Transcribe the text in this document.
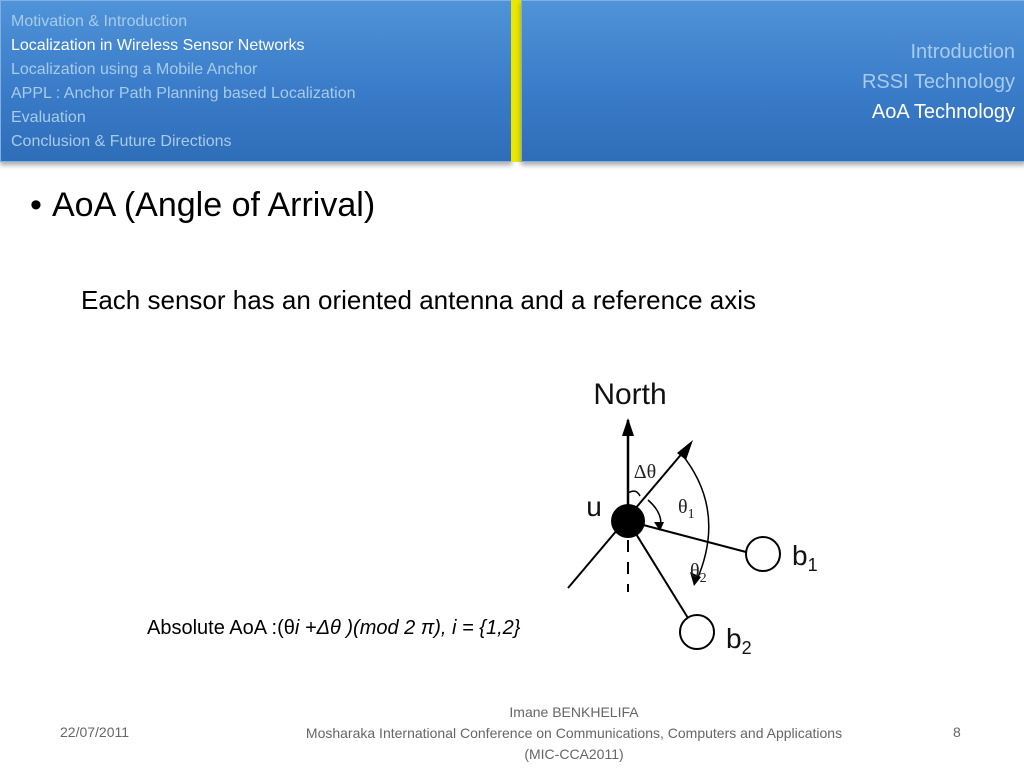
Motivation & Introduction
Localization in Wireless Sensor Networks
Localization using a Mobile Anchor
APPL : Anchor Path Planning based Localization
Evaluation
Conclusion & Future Directions
Introduction
RSSI Technology
AoA Technology
• AoA (Angle of Arrival)
Each sensor has an oriented antenna and a reference axis
North
u
Δθ
$\theta_1$
$\theta_2$
$b_1$
$b_2$
Absolute AoA :(θi +Δθ )(mod 2 π), i = {1,2}
22/07/2011
Imane BENKHELIFA
Mosharaka International Conference on Communications, Computers and Applications
(MIC-CCA2011)
8
